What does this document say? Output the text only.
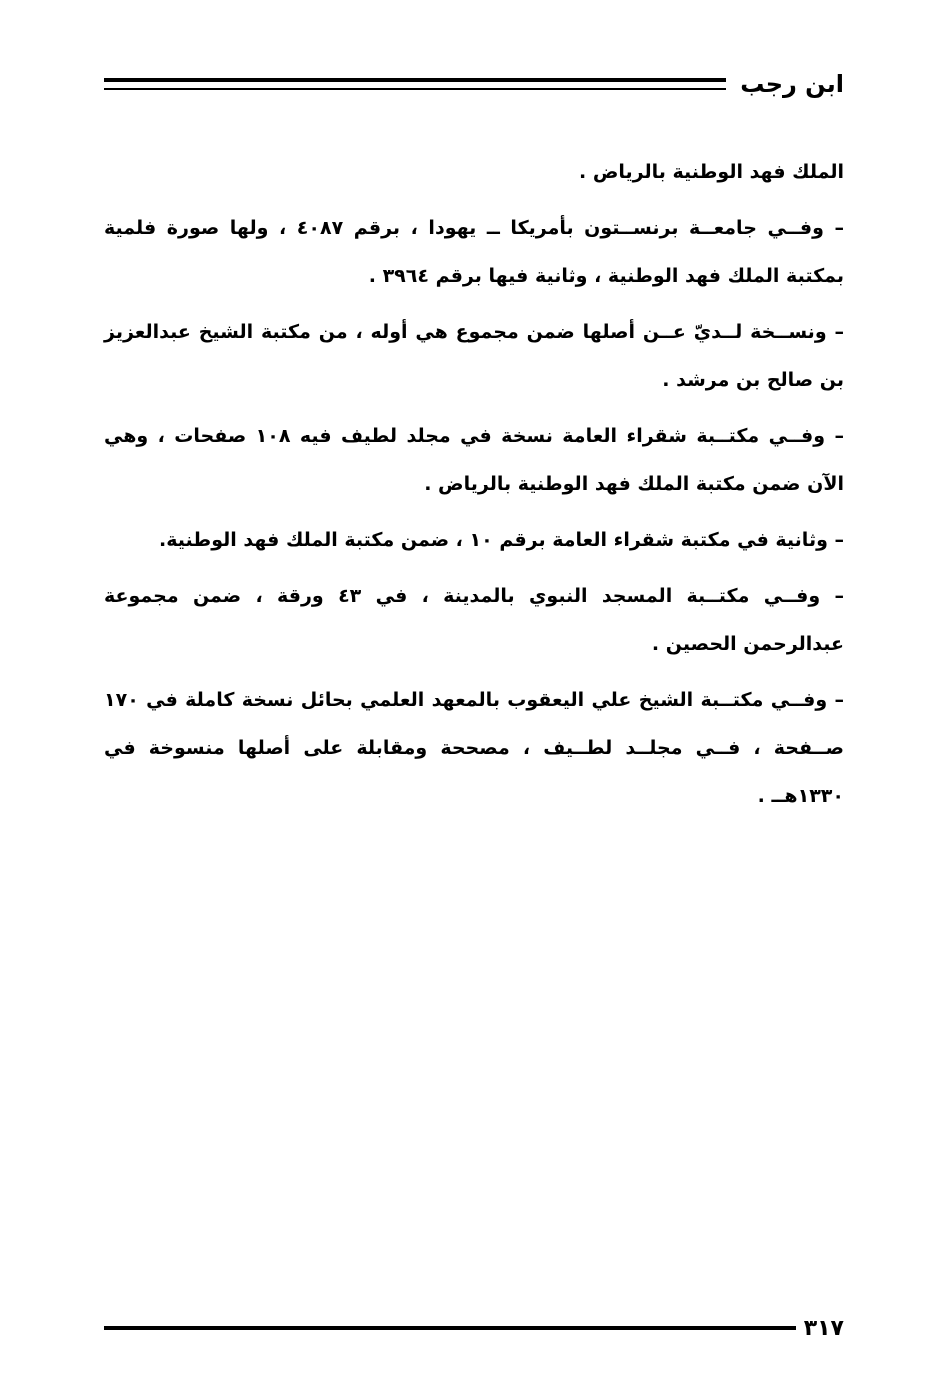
ابن رجب

الملك فهد الوطنية بالرياض .

– وفــي جامعــة برنســتون بأمريكا ــ يهودا ، برقم ٤٠٨٧ ، ولها صورة فلمية بمكتبة الملك فهد الوطنية ، وثانية فيها برقم ٣٩٦٤ .

– ونســخة لــديّ عــن أصلها ضمن مجموع هي أوله ، من مكتبة الشيخ عبدالعزيز بن صالح بن مرشد .

– وفــي مكتــبة شقراء العامة نسخة في مجلد لطيف فيه ١٠٨ صفحات ، وهي الآن ضمن مكتبة الملك فهد الوطنية بالرياض .

– وثانية في مكتبة شقراء العامة برقم ١٠ ، ضمن مكتبة الملك فهد الوطنية.

– وفــي مكتــبة المسجد النبوي بالمدينة ، في ٤٣ ورقة ، ضمن مجموعة عبدالرحمن الحصين .

– وفــي مكتــبة الشيخ علي اليعقوب بالمعهد العلمي بحائل نسخة كاملة في ١٧٠ صــفحة ، فــي مجلــد لطــيف ، مصححة ومقابلة على أصلها منسوخة في ١٣٣٠هــ .

٣١٧
